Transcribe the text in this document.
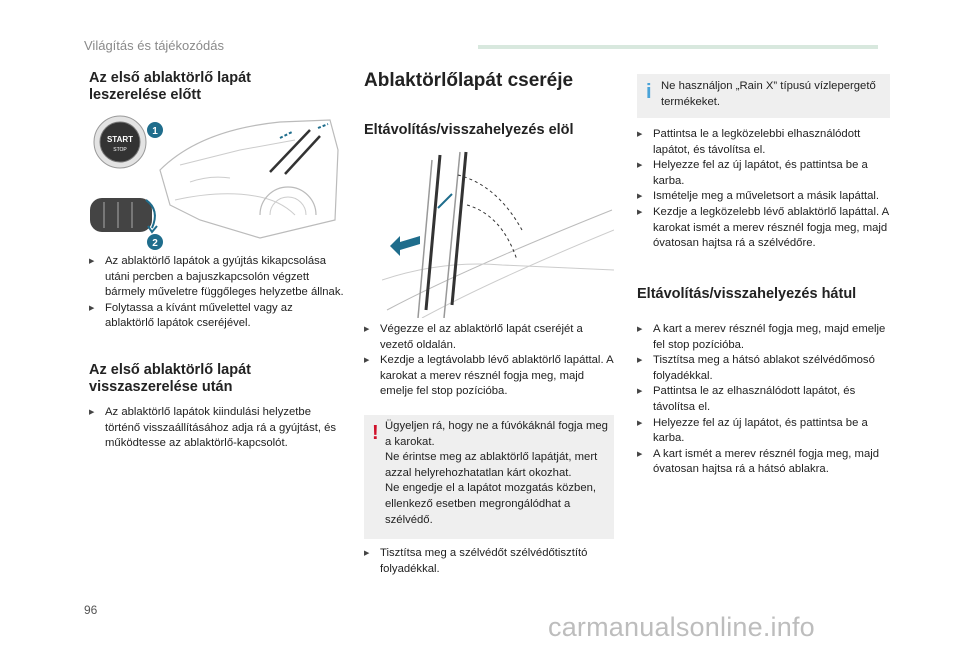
Világítás és tájékozódás
Az első ablaktörlő lapát
leszerelése előtt
START
STOP
1
2
▶ Az ablaktörlő lapátok a gyújtás kikapcsolása utáni percben a bajuszkapcsolón végzett bármely műveletre függőleges helyzetbe állnak.
▶ Folytassa a kívánt művelettel vagy az ablaktörlő lapátok cseréjével.
Az első ablaktörlő lapát
visszaszerelése után
▶ Az ablaktörlő lapátok kiindulási helyzetbe történő visszaállításához adja rá a gyújtást, és működtesse az ablaktörlő-kapcsolót.
Ablaktörlőlapát cseréje
Eltávolítás/visszahelyezés elöl
▶ Végezze el az ablaktörlő lapát cseréjét a vezető oldalán.
▶ Kezdje a legtávolabb lévő ablaktörlő lapáttal. A karokat a merev résznél fogja meg, majd emelje fel stop pozícióba.
! Ügyeljen rá, hogy ne a fúvókáknál fogja meg a karokat.
Ne érintse meg az ablaktörlő lapátját, mert azzal helyrehozhatatlan kárt okozhat.
Ne engedje el a lapátot mozgatás közben, ellenkező esetben megrongálódhat a szélvédő.
▶ Tisztítsa meg a szélvédőt szélvédőtisztító folyadékkal.
i Ne használjon „Rain X” típusú vízlepergető termékeket.
▶ Pattintsa le a legközelebbi elhasználódott lapátot, és távolítsa el.
▶ Helyezze fel az új lapátot, és pattintsa be a karba.
▶ Ismételje meg a műveletsort a másik lapáttal.
▶ Kezdje a legközelebb lévő ablaktörlő lapáttal. A karokat ismét a merev résznél fogja meg, majd óvatosan hajtsa rá a szélvédőre.
Eltávolítás/visszahelyezés hátul
▶ A kart a merev résznél fogja meg, majd emelje fel stop pozícióba.
▶ Tisztítsa meg a hátsó ablakot szélvédőmosó folyadékkal.
▶ Pattintsa le az elhasználódott lapátot, és távolítsa el.
▶ Helyezze fel az új lapátot, és pattintsa be a karba.
▶ A kart ismét a merev résznél fogja meg, majd óvatosan hajtsa rá a hátsó ablakra.
96
carmanualsonline.info
